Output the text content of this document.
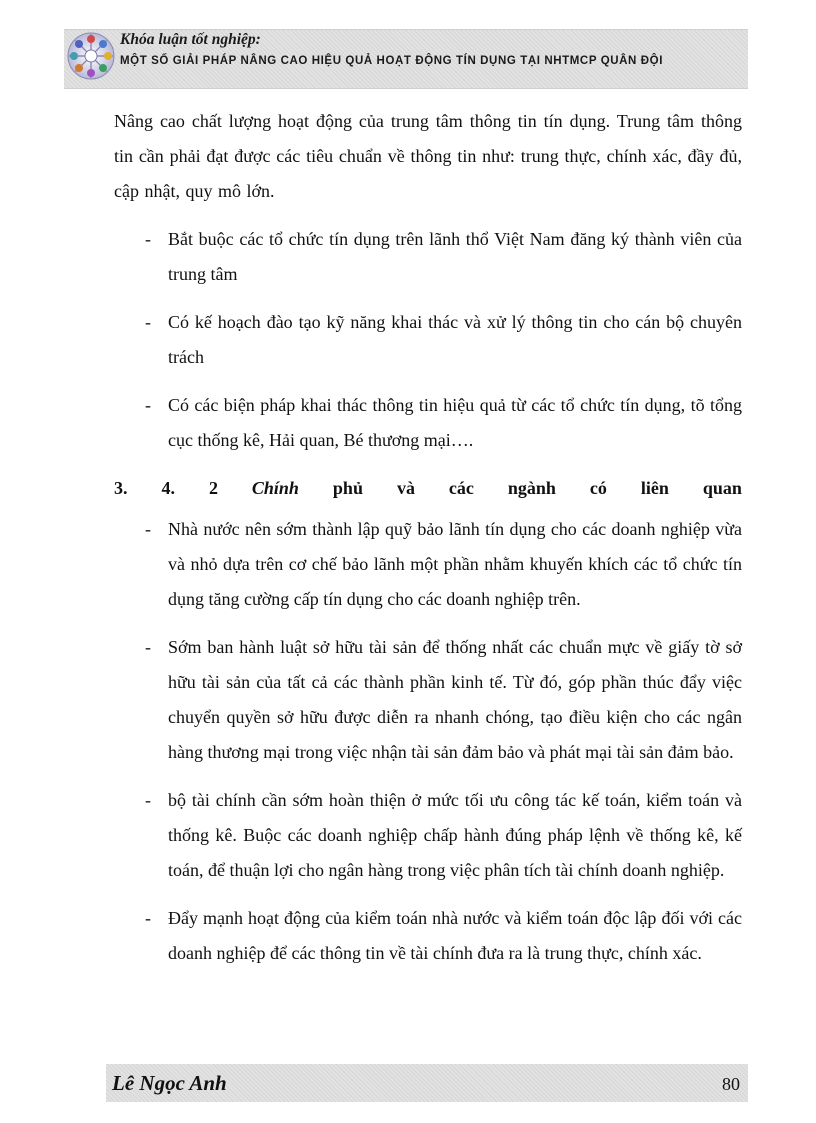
Khóa luận tốt nghiệp:
MỘT SỐ GIẢI PHÁP NÂNG CAO HIỆU QUẢ HOẠT ĐỘNG TÍN DỤNG TẠI NHTMCP QUÂN ĐỘI

Nâng cao chất lượng hoạt động của trung tâm thông tin tín dụng. Trung tâm thông tin cần phải đạt được các tiêu chuẩn về thông tin như: trung thực, chính xác, đầy đủ, cập nhật, quy mô lớn.

- Bắt buộc các tổ chức tín dụng trên lãnh thổ Việt Nam đăng ký thành viên của trung tâm
- Có kế hoạch đào tạo kỹ năng khai thác và xử lý thông tin cho cán bộ chuyên trách
- Có các biện pháp khai thác thông tin hiệu quả từ các tổ chức tín dụng, tõ tổng cục thống kê, Hải quan, Bé thương mại….
3. 4. 2 Chính phủ và các ngành có liên quan
- Nhà nước nên sớm thành lập quỹ bảo lãnh tín dụng cho các doanh nghiệp vừa và nhỏ dựa trên cơ chế bảo lãnh một phần nhằm khuyến khích các tổ chức tín dụng tăng cường cấp tín dụng cho các doanh nghiệp trên.
- Sớm ban hành luật sở hữu tài sản để thống nhất các chuẩn mực về giấy tờ sở hữu tài sản của tất cả các thành phần kinh tế. Từ đó, góp phần thúc đẩy việc chuyển quyền sở hữu được diễn ra nhanh chóng, tạo điều kiện cho các ngân hàng thương mại trong việc nhận tài sản đảm bảo và phát mại tài sản đảm bảo.
- bộ tài chính cần sớm hoàn thiện ở mức tối ưu công tác kế toán, kiểm toán và thống kê. Buộc các doanh nghiệp chấp hành đúng pháp lệnh về thống kê, kế toán, để thuận lợi cho ngân hàng trong việc phân tích tài chính doanh nghiệp.
- Đẩy mạnh hoạt động của kiểm toán nhà nước và kiểm toán độc lập đối với các doanh nghiệp để các thông tin về tài chính đưa ra là trung thực, chính xác.
Lê Ngọc Anh	80
